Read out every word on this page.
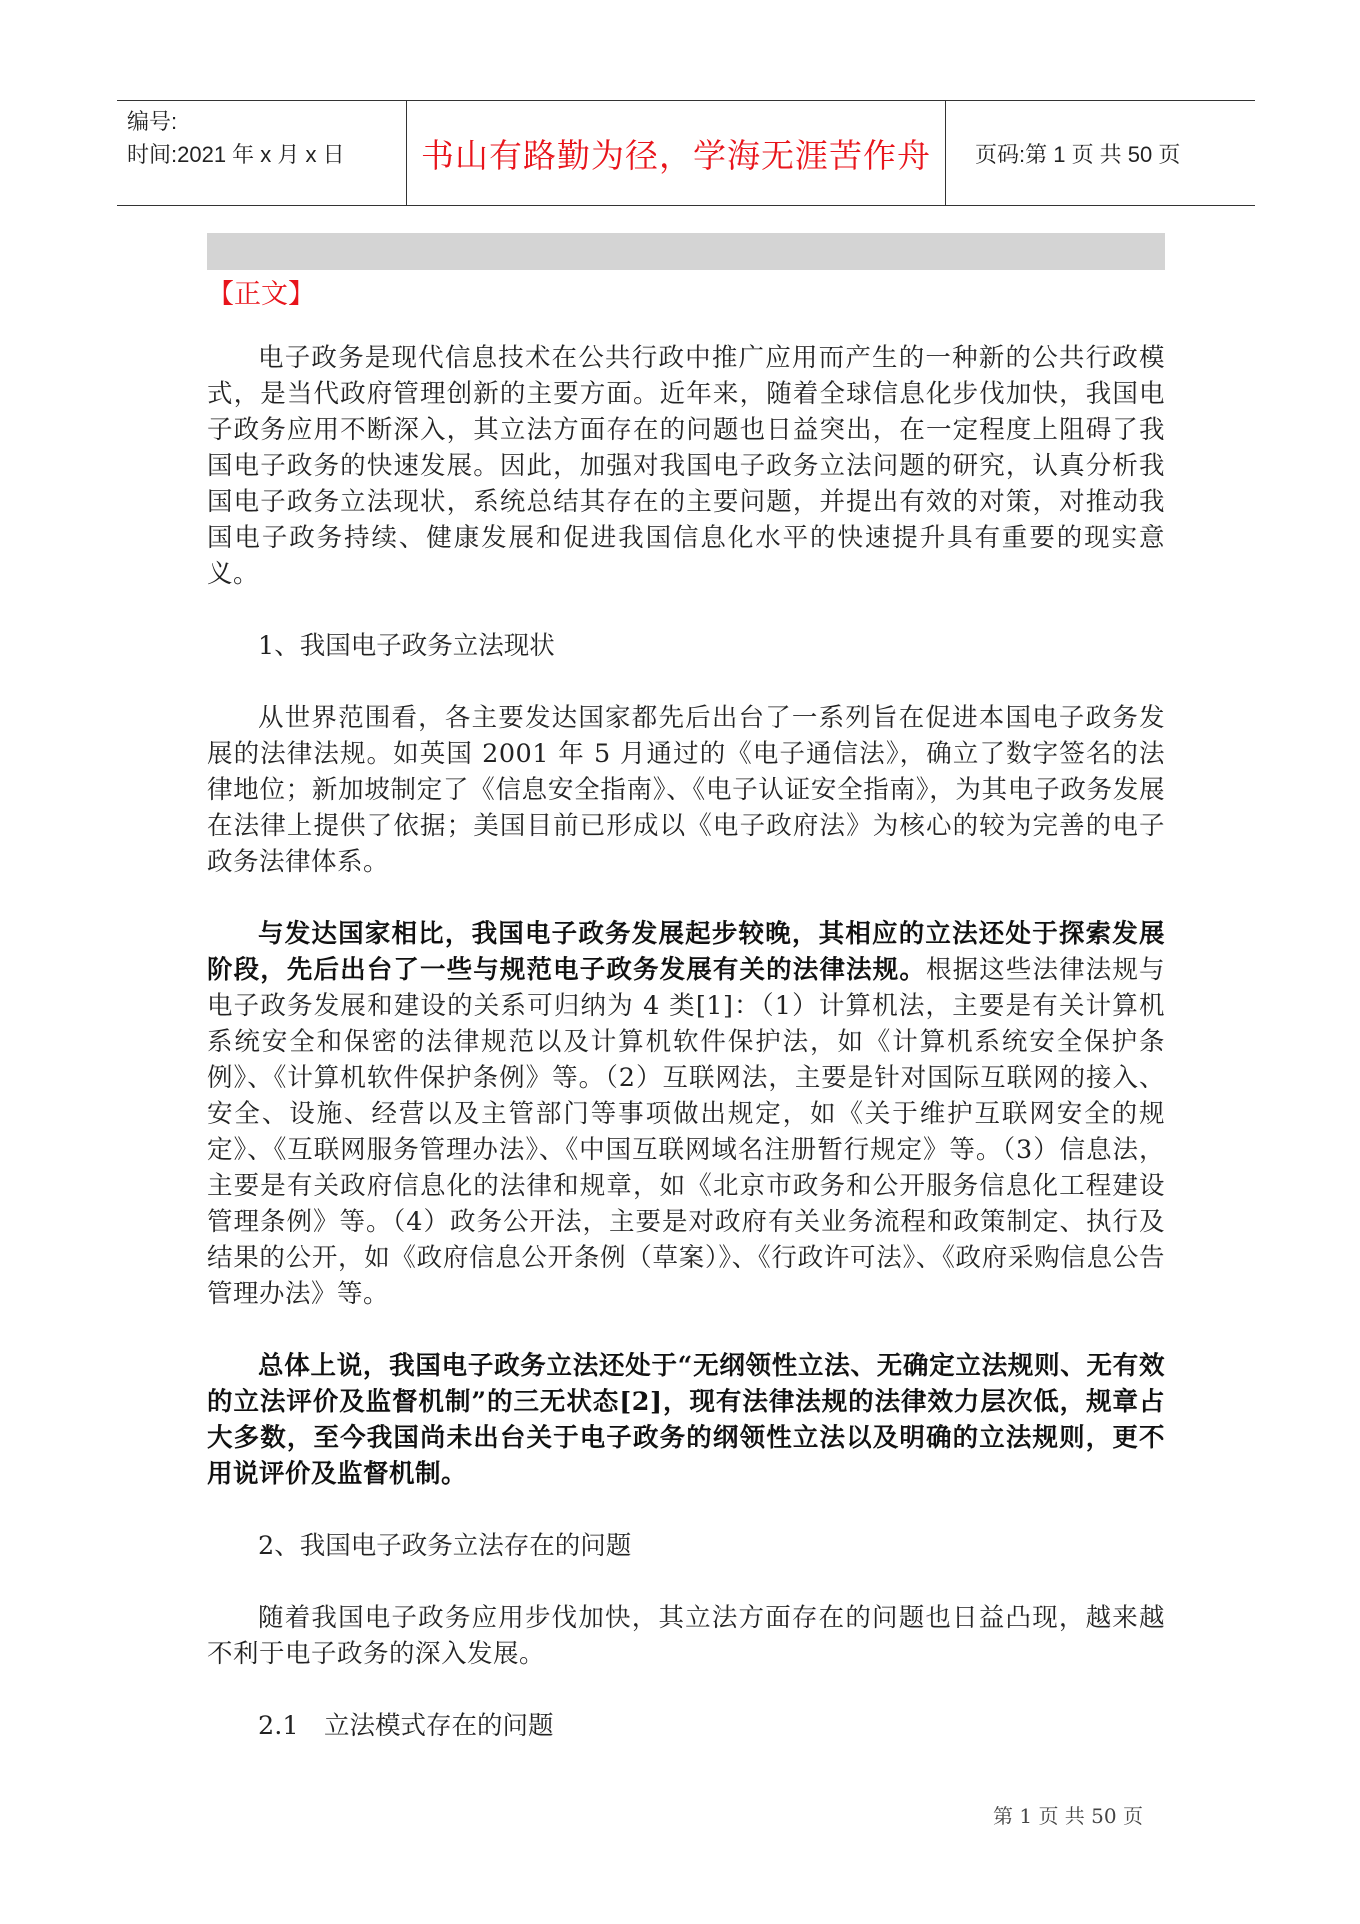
编号:
时间:2021 年 x 月 x 日	书山有路勤为径，学海无涯苦作舟	页码:第 1 页 共 50 页
【正文】

电子政务是现代信息技术在公共行政中推广应用而产生的一种新的公共行政模式，是当代政府管理创新的主要方面。近年来，随着全球信息化步伐加快，我国电子政务应用不断深入，其立法方面存在的问题也日益突出，在一定程度上阻碍了我国电子政务的快速发展。因此，加强对我国电子政务立法问题的研究，认真分析我国电子政务立法现状，系统总结其存在的主要问题，并提出有效的对策，对推动我国电子政务持续、健康发展和促进我国信息化水平的快速提升具有重要的现实意义。

1、我国电子政务立法现状

从世界范围看，各主要发达国家都先后出台了一系列旨在促进本国电子政务发展的法律法规。如英国 2001 年 5 月通过的《电子通信法》，确立了数字签名的法律地位；新加坡制定了《信息安全指南》、《电子认证安全指南》，为其电子政务发展在法律上提供了依据；美国目前已形成以《电子政府法》为核心的较为完善的电子政务法律体系。

与发达国家相比，我国电子政务发展起步较晚，其相应的立法还处于探索发展阶段，先后出台了一些与规范电子政务发展有关的法律法规。根据这些法律法规与电子政务发展和建设的关系可归纳为 4 类[1]：（1）计算机法，主要是有关计算机系统安全和保密的法律规范以及计算机软件保护法，如《计算机系统安全保护条例》、《计算机软件保护条例》等。（2）互联网法，主要是针对国际互联网的接入、安全、设施、经营以及主管部门等事项做出规定，如《关于维护互联网安全的规定》、《互联网服务管理办法》、《中国互联网域名注册暂行规定》等。（3）信息法，主要是有关政府信息化的法律和规章，如《北京市政务和公开服务信息化工程建设管理条例》等。（4）政务公开法，主要是对政府有关业务流程和政策制定、执行及结果的公开，如《政府信息公开条例（草案）》、《行政许可法》、《政府采购信息公告管理办法》等。

总体上说，我国电子政务立法还处于“无纲领性立法、无确定立法规则、无有效的立法评价及监督机制”的三无状态[2]，现有法律法规的法律效力层次低，规章占大多数，至今我国尚未出台关于电子政务的纲领性立法以及明确的立法规则，更不用说评价及监督机制。

2、我国电子政务立法存在的问题

随着我国电子政务应用步伐加快，其立法方面存在的问题也日益凸现，越来越不利于电子政务的深入发展。

2.1　立法模式存在的问题

第 1 页 共 50 页
